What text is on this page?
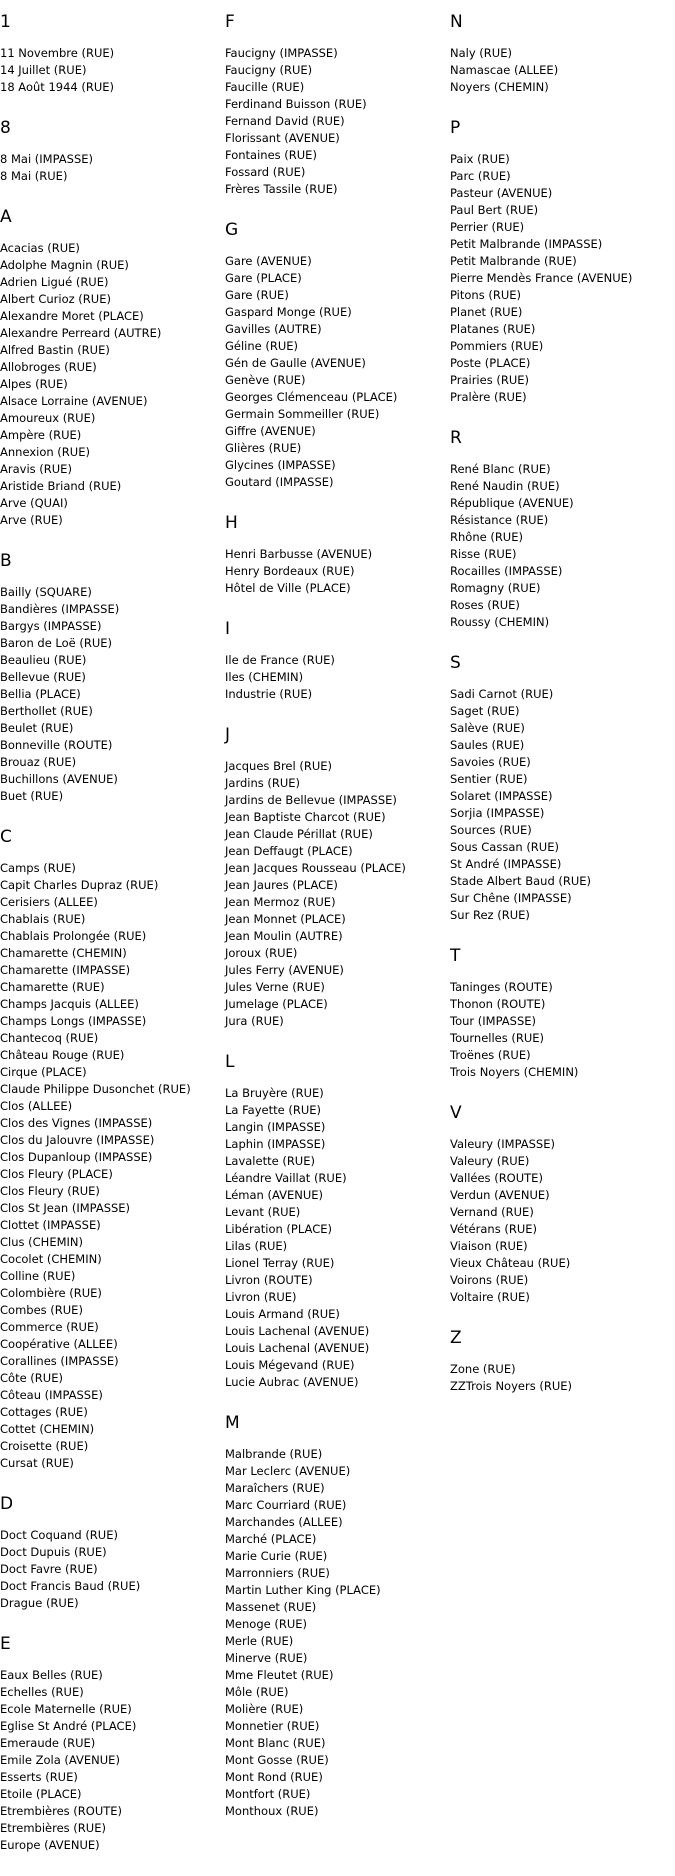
1
11 Novembre (RUE)
14 Juillet (RUE)
18 Août 1944 (RUE)
8
8 Mai (IMPASSE)
8 Mai (RUE)
A
Acacias (RUE)
Adolphe Magnin (RUE)
Adrien Ligué (RUE)
Albert Curioz (RUE)
Alexandre Moret (PLACE)
Alexandre Perreard (AUTRE)
Alfred Bastin (RUE)
Allobroges (RUE)
Alpes (RUE)
Alsace Lorraine (AVENUE)
Amoureux (RUE)
Ampère (RUE)
Annexion (RUE)
Aravis (RUE)
Aristide Briand (RUE)
Arve (QUAI)
Arve (RUE)
B
Bailly (SQUARE)
Bandières (IMPASSE)
Bargys (IMPASSE)
Baron de Loë (RUE)
Beaulieu (RUE)
Bellevue (RUE)
Bellia (PLACE)
Berthollet (RUE)
Beulet (RUE)
Bonneville (ROUTE)
Brouaz (RUE)
Buchillons (AVENUE)
Buet (RUE)
C
Camps (RUE)
Capit Charles Dupraz (RUE)
Cerisiers (ALLEE)
Chablais (RUE)
Chablais Prolongée (RUE)
Chamarette (CHEMIN)
Chamarette (IMPASSE)
Chamarette (RUE)
Champs Jacquis (ALLEE)
Champs Longs (IMPASSE)
Chantecoq (RUE)
Château Rouge (RUE)
Cirque (PLACE)
Claude Philippe Dusonchet (RUE)
Clos (ALLEE)
Clos des Vignes (IMPASSE)
Clos du Jalouvre (IMPASSE)
Clos Dupanloup (IMPASSE)
Clos Fleury (PLACE)
Clos Fleury (RUE)
Clos St Jean (IMPASSE)
Clottet (IMPASSE)
Clus (CHEMIN)
Cocolet (CHEMIN)
Colline (RUE)
Colombière (RUE)
Combes (RUE)
Commerce (RUE)
Coopérative (ALLEE)
Corallines (IMPASSE)
Côte (RUE)
Côteau (IMPASSE)
Cottages (RUE)
Cottet (CHEMIN)
Croisette (RUE)
Cursat (RUE)
D
Doct Coquand (RUE)
Doct Dupuis (RUE)
Doct Favre (RUE)
Doct Francis Baud (RUE)
Drague (RUE)
E
Eaux Belles (RUE)
Echelles (RUE)
Ecole Maternelle (RUE)
Eglise St André (PLACE)
Emeraude (RUE)
Emile Zola (AVENUE)
Esserts (RUE)
Etoile (PLACE)
Etrembières (ROUTE)
Etrembières (RUE)
Europe (AVENUE)
F
Faucigny (IMPASSE)
Faucigny (RUE)
Faucille (RUE)
Ferdinand Buisson (RUE)
Fernand David (RUE)
Florissant (AVENUE)
Fontaines (RUE)
Fossard (RUE)
Frères Tassile (RUE)
G
Gare (AVENUE)
Gare (PLACE)
Gare (RUE)
Gaspard Monge (RUE)
Gavilles (AUTRE)
Géline (RUE)
Gén de Gaulle (AVENUE)
Genève (RUE)
Georges Clémenceau (PLACE)
Germain Sommeiller (RUE)
Giffre (AVENUE)
Glières (RUE)
Glycines (IMPASSE)
Goutard (IMPASSE)
H
Henri Barbusse (AVENUE)
Henry Bordeaux (RUE)
Hôtel de Ville (PLACE)
I
Ile de France (RUE)
Iles (CHEMIN)
Industrie (RUE)
J
Jacques Brel (RUE)
Jardins (RUE)
Jardins de Bellevue (IMPASSE)
Jean Baptiste Charcot (RUE)
Jean Claude Périllat (RUE)
Jean Deffaugt (PLACE)
Jean Jacques Rousseau (PLACE)
Jean Jaures (PLACE)
Jean Mermoz (RUE)
Jean Monnet (PLACE)
Jean Moulin (AUTRE)
Joroux (RUE)
Jules Ferry (AVENUE)
Jules Verne (RUE)
Jumelage (PLACE)
Jura (RUE)
L
La Bruyère (RUE)
La Fayette (RUE)
Langin (IMPASSE)
Laphin (IMPASSE)
Lavalette (RUE)
Léandre Vaillat (RUE)
Léman (AVENUE)
Levant (RUE)
Libération (PLACE)
Lilas (RUE)
Lionel Terray (RUE)
Livron (ROUTE)
Livron (RUE)
Louis Armand (RUE)
Louis Lachenal (AVENUE)
Louis Lachenal (AVENUE)
Louis Mégevand (RUE)
Lucie Aubrac (AVENUE)
M
Malbrande (RUE)
Mar Leclerc (AVENUE)
Maraîchers (RUE)
Marc Courriard (RUE)
Marchandes (ALLEE)
Marché (PLACE)
Marie Curie (RUE)
Marronniers (RUE)
Martin Luther King (PLACE)
Massenet (RUE)
Menoge (RUE)
Merle (RUE)
Minerve (RUE)
Mme Fleutet (RUE)
Môle (RUE)
Molière (RUE)
Monnetier (RUE)
Mont Blanc (RUE)
Mont Gosse (RUE)
Mont Rond (RUE)
Montfort (RUE)
Monthoux (RUE)
N
Naly (RUE)
Namascae (ALLEE)
Noyers (CHEMIN)
P
Paix (RUE)
Parc (RUE)
Pasteur (AVENUE)
Paul Bert (RUE)
Perrier (RUE)
Petit Malbrande (IMPASSE)
Petit Malbrande (RUE)
Pierre Mendès France (AVENUE)
Pitons (RUE)
Planet (RUE)
Platanes (RUE)
Pommiers (RUE)
Poste (PLACE)
Prairies (RUE)
Pralère (RUE)
R
René Blanc (RUE)
René Naudin (RUE)
République (AVENUE)
Résistance (RUE)
Rhône (RUE)
Risse (RUE)
Rocailles (IMPASSE)
Romagny (RUE)
Roses (RUE)
Roussy (CHEMIN)
S
Sadi Carnot (RUE)
Saget (RUE)
Salève (RUE)
Saules (RUE)
Savoies (RUE)
Sentier (RUE)
Solaret (IMPASSE)
Sorjia (IMPASSE)
Sources (RUE)
Sous Cassan (RUE)
St André (IMPASSE)
Stade Albert Baud (RUE)
Sur Chêne (IMPASSE)
Sur Rez (RUE)
T
Taninges (ROUTE)
Thonon (ROUTE)
Tour (IMPASSE)
Tournelles (RUE)
Troënes (RUE)
Trois Noyers (CHEMIN)
V
Valeury (IMPASSE)
Valeury (RUE)
Vallées (ROUTE)
Verdun (AVENUE)
Vernand (RUE)
Vétérans (RUE)
Viaison (RUE)
Vieux Château (RUE)
Voirons (RUE)
Voltaire (RUE)
Z
Zone (RUE)
ZZTrois Noyers (RUE)
